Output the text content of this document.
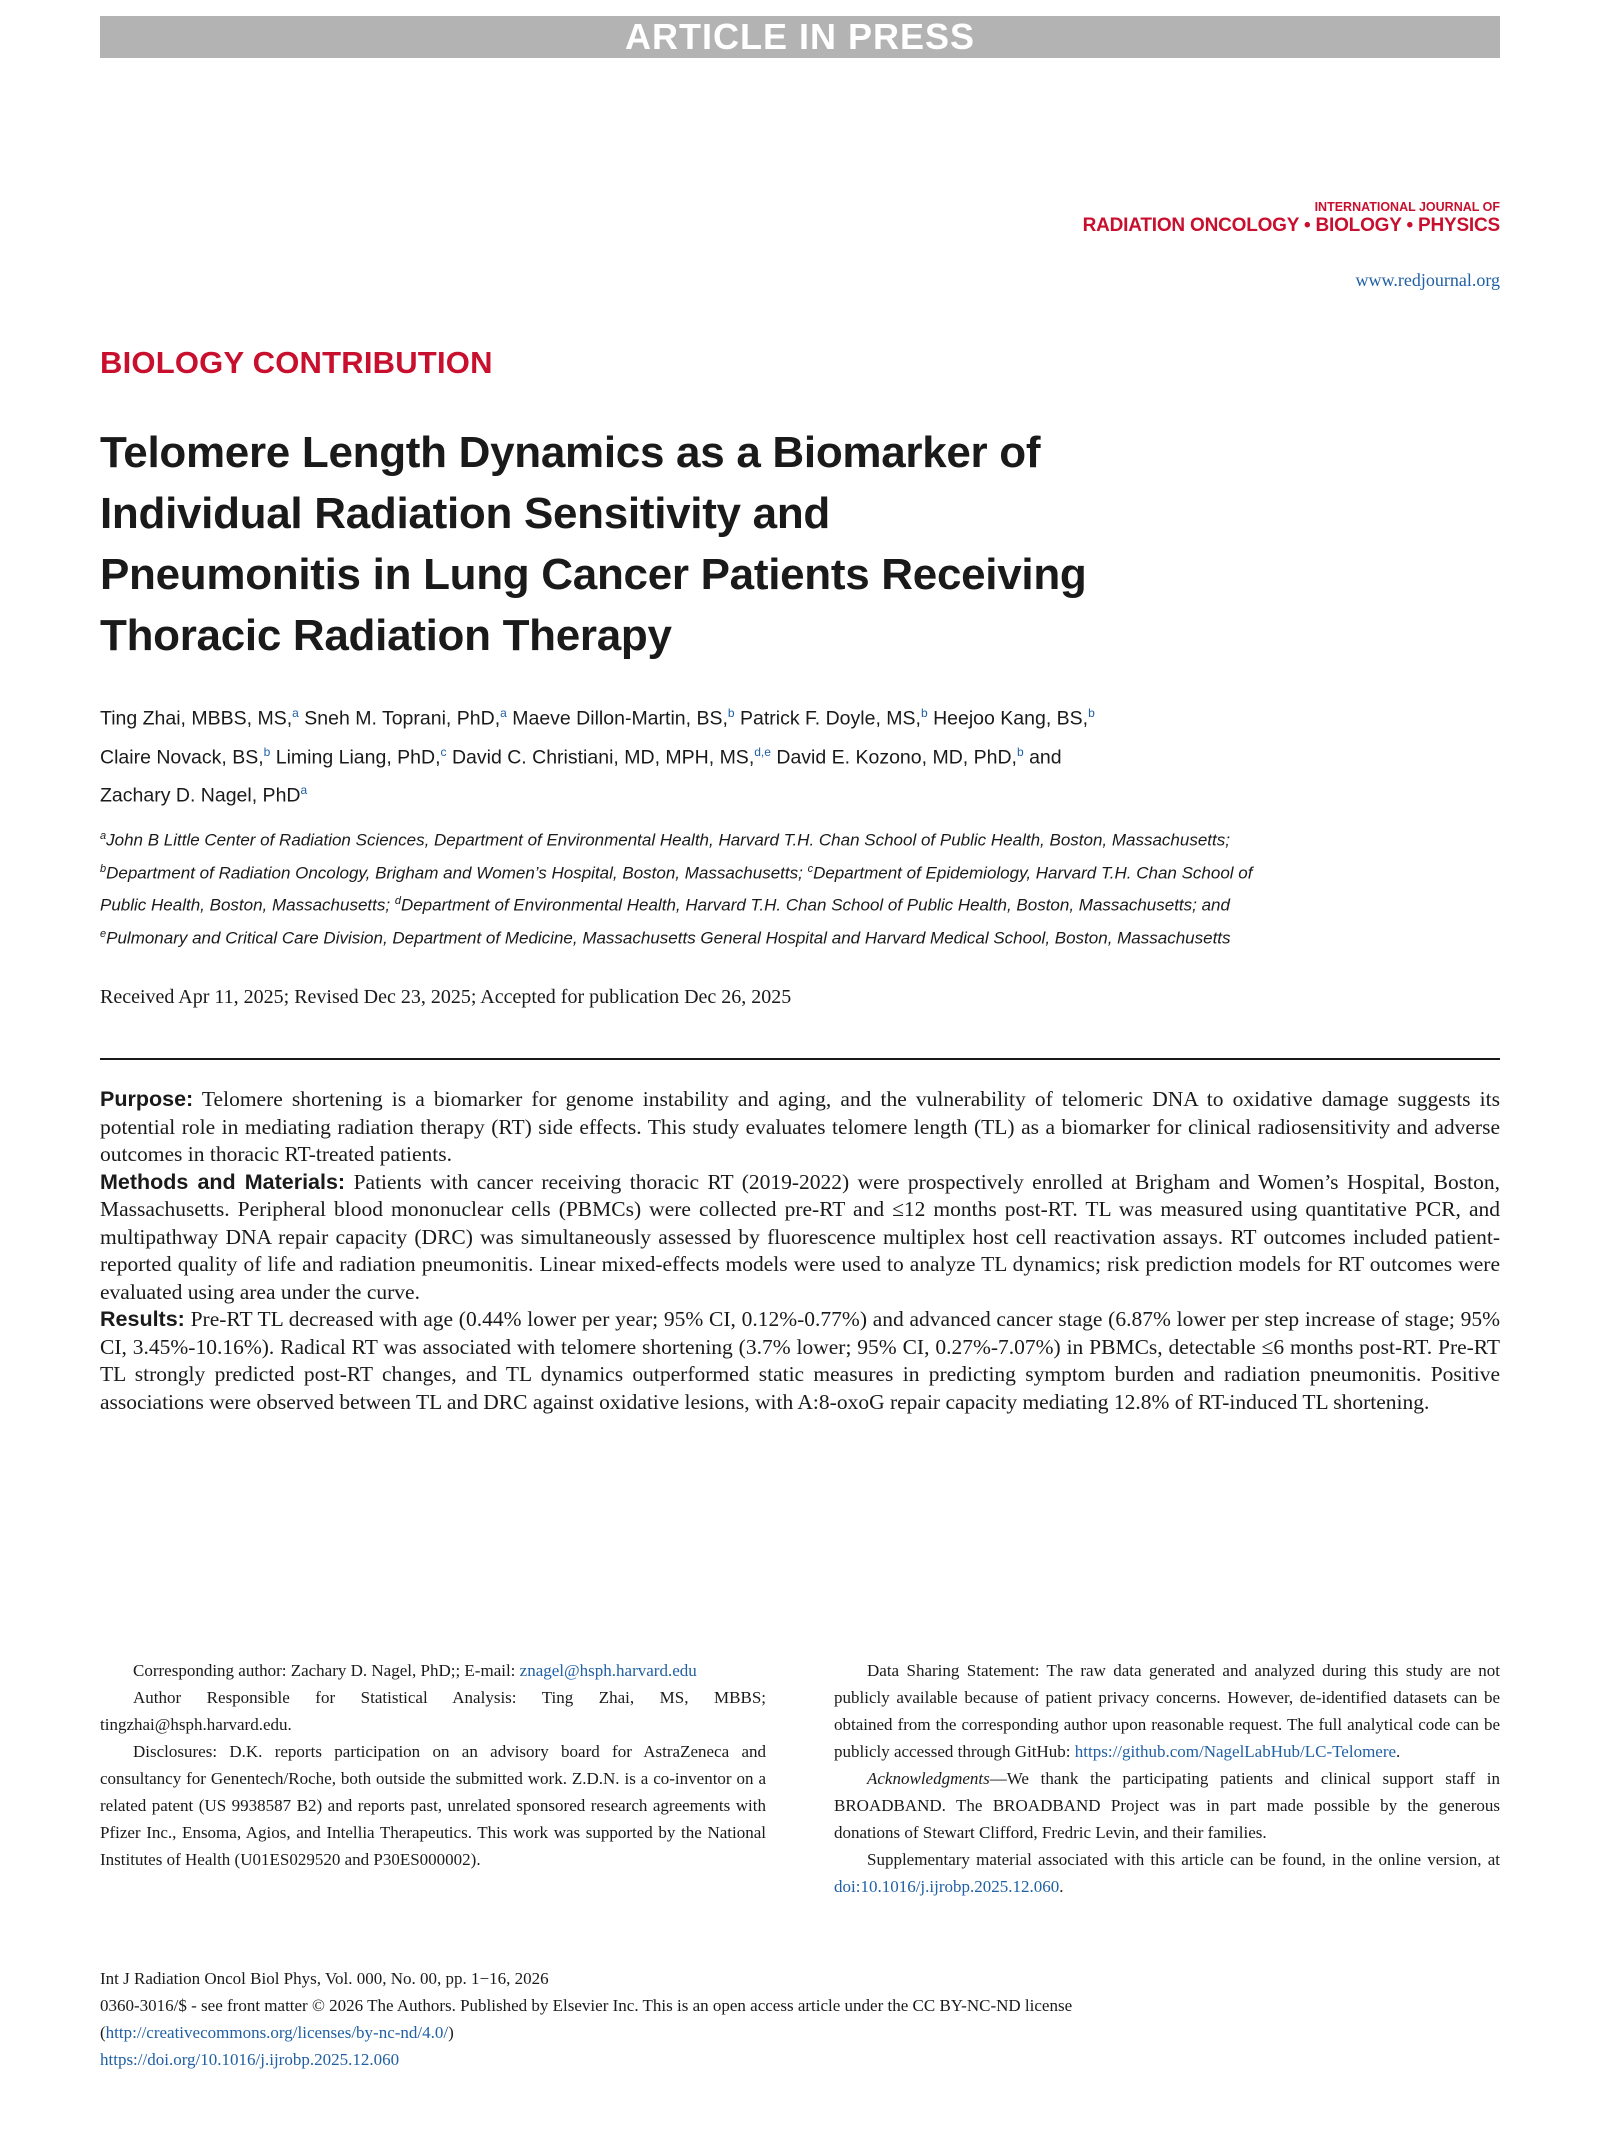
ARTICLE IN PRESS
INTERNATIONAL JOURNAL OF
RADIATION ONCOLOGY • BIOLOGY • PHYSICS
www.redjournal.org
BIOLOGY CONTRIBUTION
Telomere Length Dynamics as a Biomarker of
Individual Radiation Sensitivity and
Pneumonitis in Lung Cancer Patients Receiving
Thoracic Radiation Therapy
Ting Zhai, MBBS, MS,$^a$ Sneh M. Toprani, PhD,$^a$ Maeve Dillon-Martin, BS,$^b$ Patrick F. Doyle, MS,$^b$ Heejoo Kang, BS,$^b$
Claire Novack, BS,$^b$ Liming Liang, PhD,$^c$ David C. Christiani, MD, MPH, MS,$^{d,e}$ David E. Kozono, MD, PhD,$^b$ and
Zachary D. Nagel, PhD$^a$
$^a$John B Little Center of Radiation Sciences, Department of Environmental Health, Harvard T.H. Chan School of Public Health, Boston, Massachusetts; $^b$Department of Radiation Oncology, Brigham and Women’s Hospital, Boston, Massachusetts; $^c$Department of Epidemiology, Harvard T.H. Chan School of Public Health, Boston, Massachusetts; $^d$Department of Environmental Health, Harvard T.H. Chan School of Public Health, Boston, Massachusetts; and $^e$Pulmonary and Critical Care Division, Department of Medicine, Massachusetts General Hospital and Harvard Medical School, Boston, Massachusetts
Received Apr 11, 2025; Revised Dec 23, 2025; Accepted for publication Dec 26, 2025

Purpose: Telomere shortening is a biomarker for genome instability and aging, and the vulnerability of telomeric DNA to oxidative damage suggests its potential role in mediating radiation therapy (RT) side effects. This study evaluates telomere length (TL) as a biomarker for clinical radiosensitivity and adverse outcomes in thoracic RT-treated patients.

Methods and Materials: Patients with cancer receiving thoracic RT (2019-2022) were prospectively enrolled at Brigham and Women’s Hospital, Boston, Massachusetts. Peripheral blood mononuclear cells (PBMCs) were collected pre-RT and ≤12 months post-RT. TL was measured using quantitative PCR, and multipathway DNA repair capacity (DRC) was simultaneously assessed by fluorescence multiplex host cell reactivation assays. RT outcomes included patient-reported quality of life and radiation pneumonitis. Linear mixed-effects models were used to analyze TL dynamics; risk prediction models for RT outcomes were evaluated using area under the curve.

Results: Pre-RT TL decreased with age (0.44% lower per year; 95% CI, 0.12%-0.77%) and advanced cancer stage (6.87% lower per step increase of stage; 95% CI, 3.45%-10.16%). Radical RT was associated with telomere shortening (3.7% lower; 95% CI, 0.27%-7.07%) in PBMCs, detectable ≤6 months post-RT. Pre-RT TL strongly predicted post-RT changes, and TL dynamics outperformed static measures in predicting symptom burden and radiation pneumonitis. Positive associations were observed between TL and DRC against oxidative lesions, with A:8-oxoG repair capacity mediating 12.8% of RT-induced TL shortening.

Corresponding author: Zachary D. Nagel, PhD;; E-mail: znagel@hsph.harvard.edu

Author Responsible for Statistical Analysis: Ting Zhai, MS, MBBS; tingzhai@hsph.harvard.edu.

Disclosures: D.K. reports participation on an advisory board for AstraZeneca and consultancy for Genentech/Roche, both outside the submitted work. Z.D.N. is a co-inventor on a related patent (US 9938587 B2) and reports past, unrelated sponsored research agreements with Pfizer Inc., Ensoma, Agios, and Intellia Therapeutics. This work was supported by the National Institutes of Health (U01ES029520 and P30ES000002).

Data Sharing Statement: The raw data generated and analyzed during this study are not publicly available because of patient privacy concerns. However, de-identified datasets can be obtained from the corresponding author upon reasonable request. The full analytical code can be publicly accessed through GitHub: https://github.com/NagelLabHub/LC-Telomere.

Acknowledgments—We thank the participating patients and clinical support staff in BROADBAND. The BROADBAND Project was in part made possible by the generous donations of Stewart Clifford, Fredric Levin, and their families.

Supplementary material associated with this article can be found, in the online version, at doi:10.1016/j.ijrobp.2025.12.060.

Int J Radiation Oncol Biol Phys, Vol. 000, No. 00, pp. 1−16, 2026
0360-3016/$ - see front matter © 2026 The Authors. Published by Elsevier Inc. This is an open access article under the CC BY-NC-ND license
(http://creativecommons.org/licenses/by-nc-nd/4.0/)
https://doi.org/10.1016/j.ijrobp.2025.12.060
